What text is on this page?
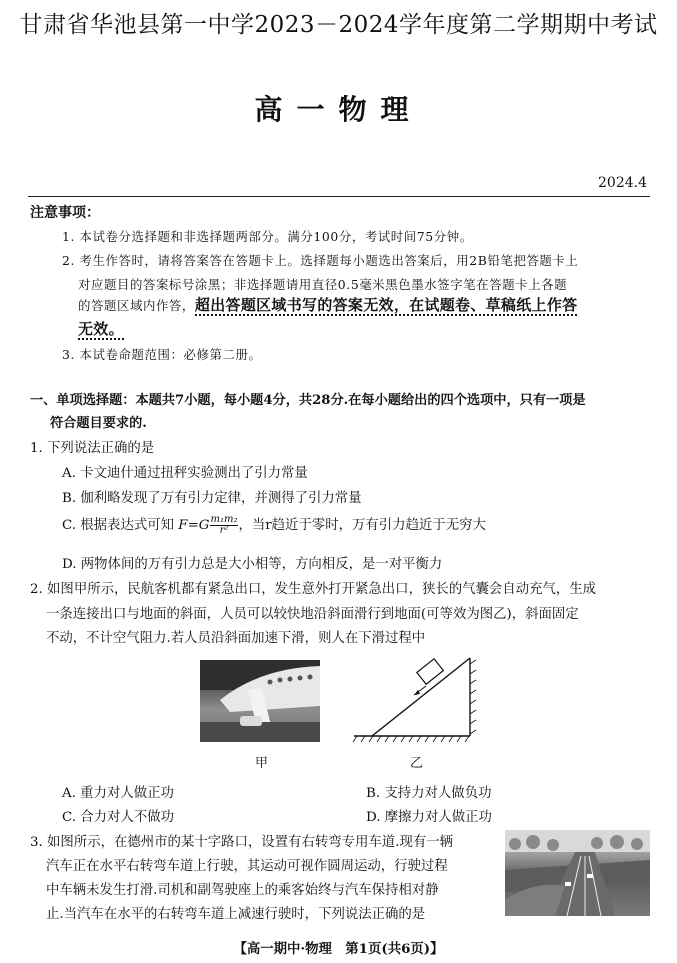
甘肃省华池县第一中学2023－2024学年度第二学期期中考试
高一物理
2024.4
注意事项：
1. 本试卷分选择题和非选择题两部分。满分100分，考试时间75分钟。
2. 考生作答时，请将答案答在答题卡上。选择题每小题选出答案后，用2B铅笔把答题卡上
对应题目的答案标号涂黑；非选择题请用直径0.5毫米黑色墨水签字笔在答题卡上各题
的答题区域内作答，超出答题区域书写的答案无效，在试题卷、草稿纸上作答
无效。
3. 本试卷命题范围：必修第二册。
一、单项选择题：本题共7小题，每小题4分，共28分.在每小题给出的四个选项中，只有一项是
符合题目要求的.
1. 下列说法正确的是
A. 卡文迪什通过扭秤实验测出了引力常量
B. 伽利略发现了万有引力定律，并测得了引力常量
C. 根据表达式可知 $F=G \frac{\text{m₁m₂}}{\text{r²}}$ ，当r趋近于零时，万有引力趋近于无穷大
D. 两物体间的万有引力总是大小相等，方向相反，是一对平衡力
2. 如图甲所示，民航客机都有紧急出口，发生意外打开紧急出口，狭长的气囊会自动充气，生成
一条连接出口与地面的斜面，人员可以较快地沿斜面滑行到地面(可等效为图乙)，斜面固定
不动，不计空气阻力.若人员沿斜面加速下滑，则人在下滑过程中
甲	乙
A. 重力对人做正功	B. 支持力对人做负功
C. 合力对人不做功	D. 摩擦力对人做正功
3. 如图所示，在德州市的某十字路口，设置有右转弯专用车道.现有一辆
汽车正在水平右转弯车道上行驶，其运动可视作圆周运动，行驶过程
中车辆未发生打滑.司机和副驾驶座上的乘客始终与汽车保持相对静
止.当汽车在水平的右转弯车道上减速行驶时，下列说法正确的是
【高一期中·物理　第1页(共6页)】
